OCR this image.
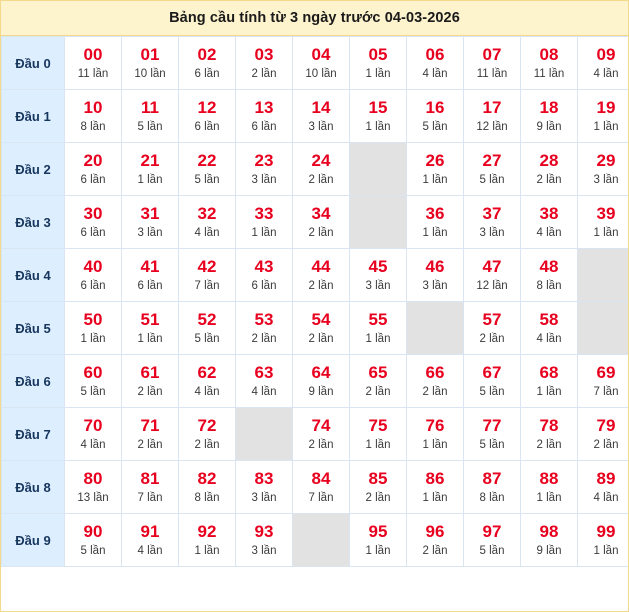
Bảng cầu tính từ 3 ngày trước 04-03-2026
Đầu 0	00
11 lần

01
10 lần

02
6 lần

03
2 lần

04
10 lần

05
1 lần

06
4 lần

07
11 lần

08
11 lần

09
4 lần

Đầu 1	10
8 lần

11
5 lần

12
6 lần

13
6 lần

14
3 lần

15
1 lần

16
5 lần

17
12 lần

18
9 lần

19
1 lần

Đầu 2	20
6 lần

21
1 lần

22
5 lần

23
3 lần

24
2 lần

26
1 lần

27
5 lần

28
2 lần

29
3 lần

Đầu 3	30
6 lần

31
3 lần

32
4 lần

33
1 lần

34
2 lần

36
1 lần

37
3 lần

38
4 lần

39
1 lần

Đầu 4	40
6 lần

41
6 lần

42
7 lần

43
6 lần

44
2 lần

45
3 lần

46
3 lần

47
12 lần

48
8 lần

Đầu 5	50
1 lần

51
1 lần

52
5 lần

53
2 lần

54
2 lần

55
1 lần

57
2 lần

58
4 lần

Đầu 6	60
5 lần

61
2 lần

62
4 lần

63
4 lần

64
9 lần

65
2 lần

66
2 lần

67
5 lần

68
1 lần

69
7 lần

Đầu 7	70
4 lần

71
2 lần

72
2 lần

74
2 lần

75
1 lần

76
1 lần

77
5 lần

78
2 lần

79
2 lần

Đầu 8	80
13 lần

81
7 lần

82
8 lần

83
3 lần

84
7 lần

85
2 lần

86
1 lần

87
8 lần

88
1 lần

89
4 lần

Đầu 9	90
5 lần

91
4 lần

92
1 lần

93
3 lần

95
1 lần

96
2 lần

97
5 lần

98
9 lần

99
1 lần
